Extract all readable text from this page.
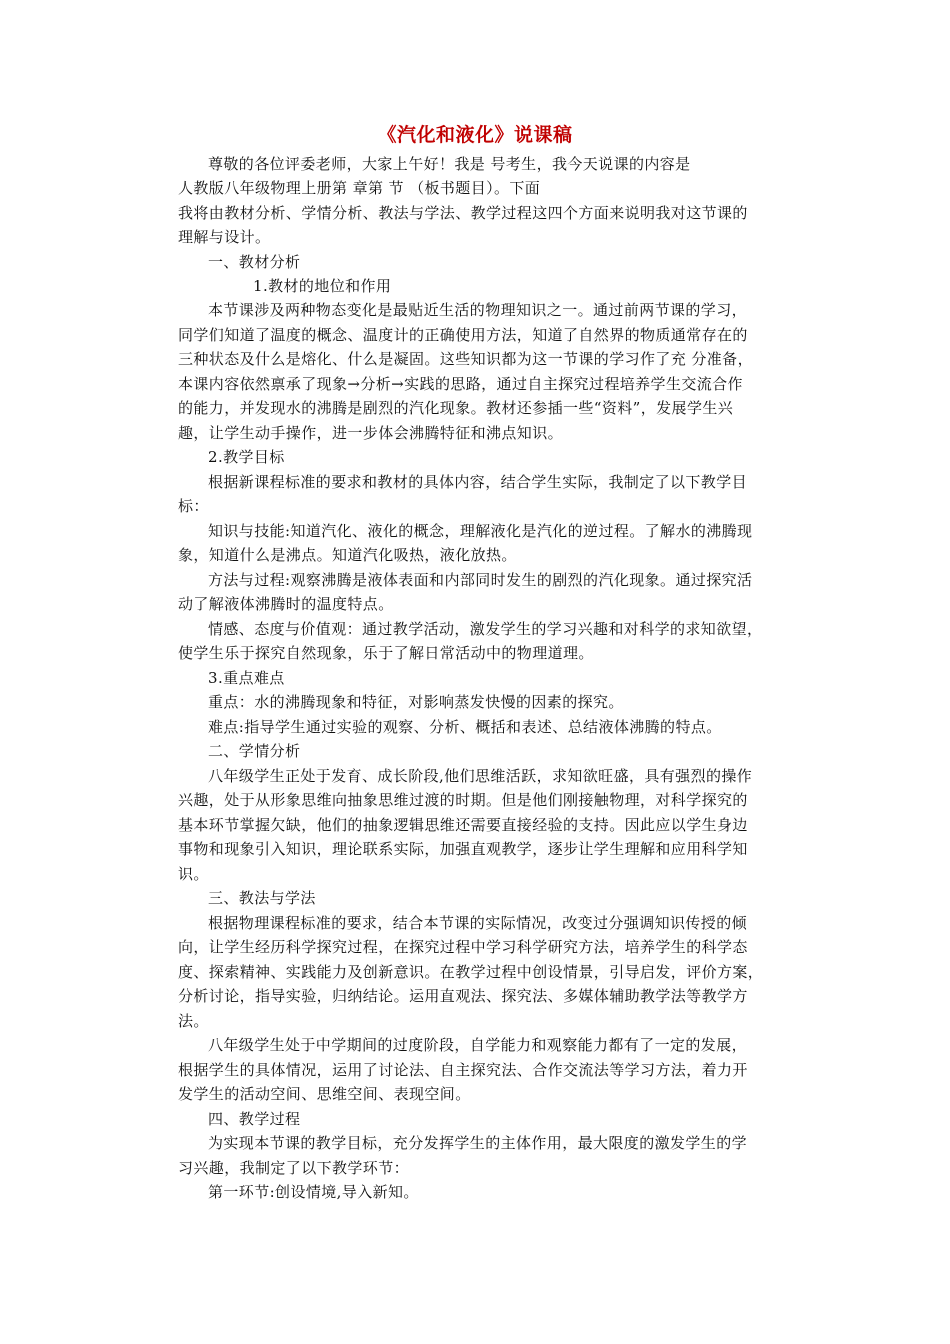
《汽化和液化》说课稿
尊敬的各位评委老师，大家上午好！我是 号考生，我今天说课的内容是
人教版八年级物理上册第 章第 节 （板书题目）。下面
我将由教材分析、学情分析、教法与学法、教学过程这四个方面来说明我对这节课的
理解与设计。
一、教材分析
1.教材的地位和作用
本节课涉及两种物态变化是最贴近生活的物理知识之一。通过前两节课的学习，
同学们知道了温度的概念、温度计的正确使用方法，知道了自然界的物质通常存在的
三种状态及什么是熔化、什么是凝固。这些知识都为这一节课的学习作了充 分准备，
本课内容依然禀承了现象→分析→实践的思路，通过自主探究过程培养学生交流合作
的能力，并发现水的沸腾是剧烈的汽化现象。教材还参插一些“资料”，发展学生兴
趣，让学生动手操作，进一步体会沸腾特征和沸点知识。
2.教学目标
根据新课程标准的要求和教材的具体内容，结合学生实际，我制定了以下教学目
标：
知识与技能:知道汽化、液化的概念，理解液化是汽化的逆过程。了解水的沸腾现
象，知道什么是沸点。知道汽化吸热，液化放热。
方法与过程:观察沸腾是液体表面和内部同时发生的剧烈的汽化现象。通过探究活
动了解液体沸腾时的温度特点。
情感、态度与价值观：通过教学活动，激发学生的学习兴趣和对科学的求知欲望，
使学生乐于探究自然现象，乐于了解日常活动中的物理道理。
3.重点难点
重点：水的沸腾现象和特征，对影响蒸发快慢的因素的探究。
难点:指导学生通过实验的观察、分析、概括和表述、总结液体沸腾的特点。
二、学情分析
八年级学生正处于发育、成长阶段,他们思维活跃，求知欲旺盛，具有强烈的操作
兴趣，处于从形象思维向抽象思维过渡的时期。但是他们刚接触物理，对科学探究的
基本环节掌握欠缺，他们的抽象逻辑思维还需要直接经验的支持。因此应以学生身边
事物和现象引入知识，理论联系实际，加强直观教学，逐步让学生理解和应用科学知
识。
三、教法与学法
根据物理课程标准的要求，结合本节课的实际情况，改变过分强调知识传授的倾
向，让学生经历科学探究过程，在探究过程中学习科学研究方法，培养学生的科学态
度、探索精神、实践能力及创新意识。在教学过程中创设情景，引导启发，评价方案，
分析讨论，指导实验，归纳结论。运用直观法、探究法、多媒体辅助教学法等教学方
法。
八年级学生处于中学期间的过度阶段，自学能力和观察能力都有了一定的发展，
根据学生的具体情况，运用了讨论法、自主探究法、合作交流法等学习方法，着力开
发学生的活动空间、思维空间、表现空间。
四、教学过程
为实现本节课的教学目标，充分发挥学生的主体作用，最大限度的激发学生的学
习兴趣，我制定了以下教学环节：
第一环节:创设情境,导入新知。
